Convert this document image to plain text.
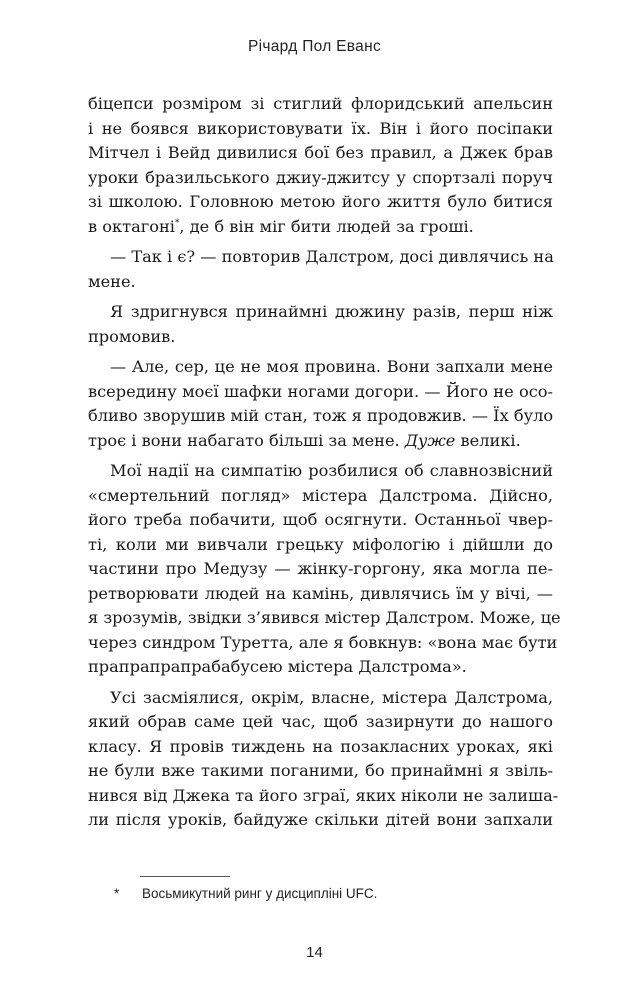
Річард Пол Еванс
біцепси розміром зі стиглий флоридський апельсин
і не боявся використовувати їх. Він і його посіпаки
Мітчел і Вейд дивилися бої без правил, а Джек брав
уроки бразильського джиу-джитсу у спортзалі поруч
зі школою. Головною метою його життя було битися
в октагоні*, де б він міг бити людей за гроші.
— Так і є? — повторив Далстром, досі дивлячись на
мене.
Я здригнувся принаймні дюжину разів, перш ніж
промовив.
— Але, сер, це не моя провина. Вони запхали мене
всередину моєї шафки ногами догори. — Його не осо-
бливо зворушив мій стан, тож я продовжив. — Їх було
троє і вони набагато більші за мене. Дуже великі.
Мої надії на симпатію розбилися об славнозвісний
«смертельний погляд» містера Далстрома. Дійсно,
його треба побачити, щоб осягнути. Останньої чвер-
ті, коли ми вивчали грецьку міфологію і дійшли до
частини про Медузу — жінку-горгону, яка могла пе-
ретворювати людей на камінь, дивлячись їм у вічі, —
я зрозумів, звідки з’явився містер Далстром. Може, це
через синдром Туретта, але я бовкнув: «вона має бути
прапрапрапрабабусею містера Далстрома».
Усі засміялися, окрім, власне, містера Далстрома,
який обрав саме цей час, щоб зазирнути до нашого
класу. Я провів тиждень на позакласних уроках, які
не були вже такими поганими, бо принаймні я звіль-
нився від Джека та його зграї, яких ніколи не залиша-
ли після уроків, байдуже скільки дітей вони запхали
* Восьмикутний ринг у дисципліні UFC.
14
